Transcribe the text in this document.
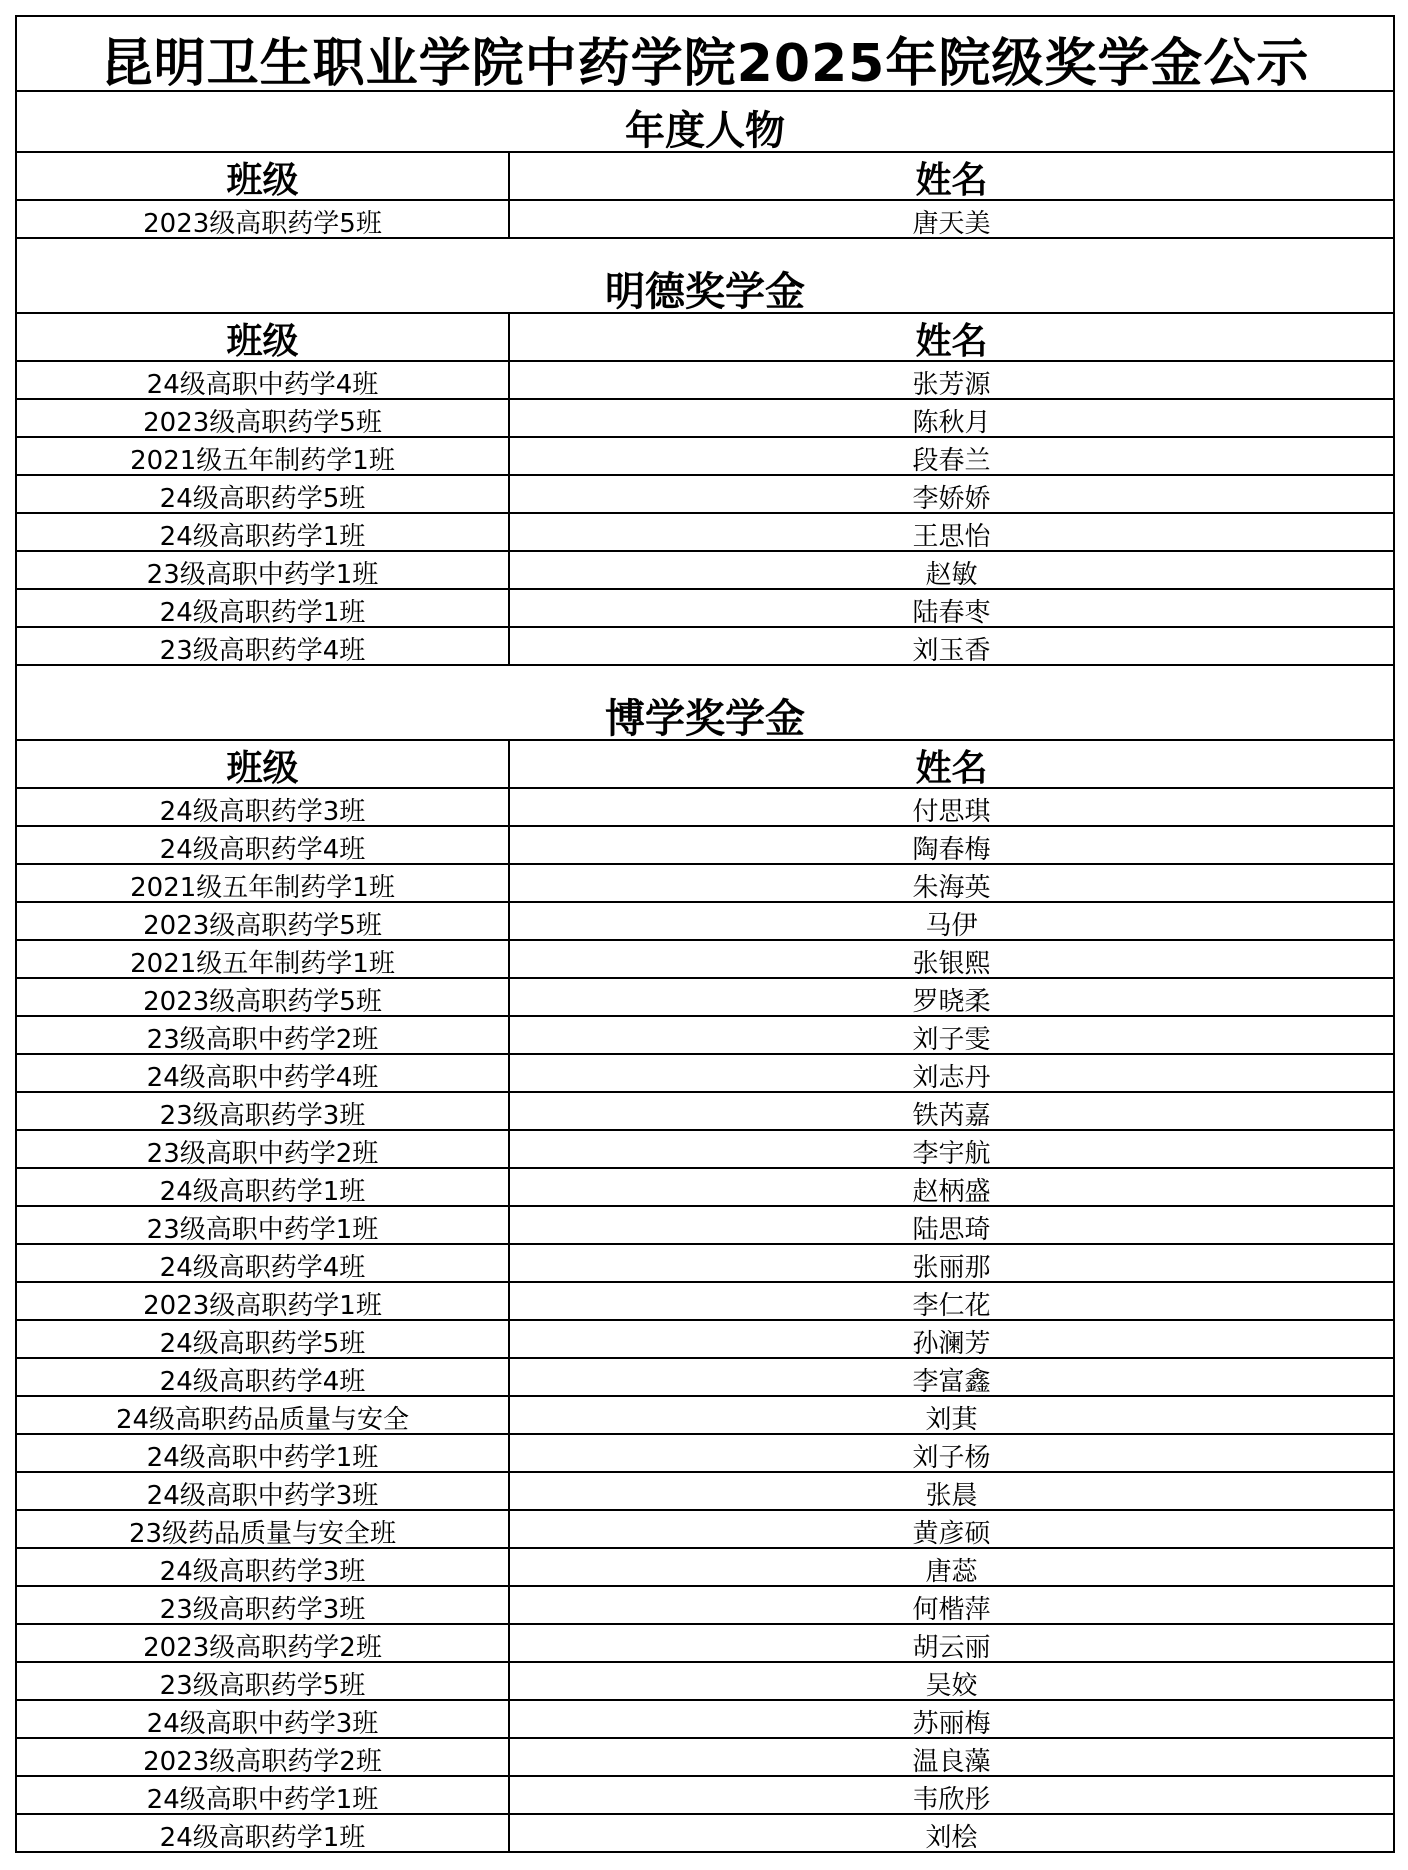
昆明卫生职业学院中药学院2025年院级奖学金公示	
年度人物	
班级	姓名
2023级高职药学5班	唐天美
明德奖学金	
班级	姓名
24级高职中药学4班	张芳源
2023级高职药学5班	陈秋月
2021级五年制药学1班	段春兰
24级高职药学5班	李娇娇
24级高职药学1班	王思怡
23级高职中药学1班	赵敏
24级高职药学1班	陆春枣
23级高职药学4班	刘玉香
博学奖学金	
班级	姓名
24级高职药学3班	付思琪
24级高职药学4班	陶春梅
2021级五年制药学1班	朱海英
2023级高职药学5班	马伊
2021级五年制药学1班	张银熙
2023级高职药学5班	罗晓柔
23级高职中药学2班	刘子雯
24级高职中药学4班	刘志丹
23级高职药学3班	铁芮嘉
23级高职中药学2班	李宇航
24级高职药学1班	赵柄盛
23级高职中药学1班	陆思琦
24级高职药学4班	张丽那
2023级高职药学1班	李仁花
24级高职药学5班	孙澜芳
24级高职药学4班	李富鑫
24级高职药品质量与安全	刘萁
24级高职中药学1班	刘子杨
24级高职中药学3班	张晨
23级药品质量与安全班	黄彦硕
24级高职药学3班	唐蕊
23级高职药学3班	何楷萍
2023级高职药学2班	胡云丽
23级高职药学5班	吴姣
24级高职中药学3班	苏丽梅
2023级高职药学2班	温良藻
24级高职中药学1班	韦欣彤
24级高职药学1班	刘桧
